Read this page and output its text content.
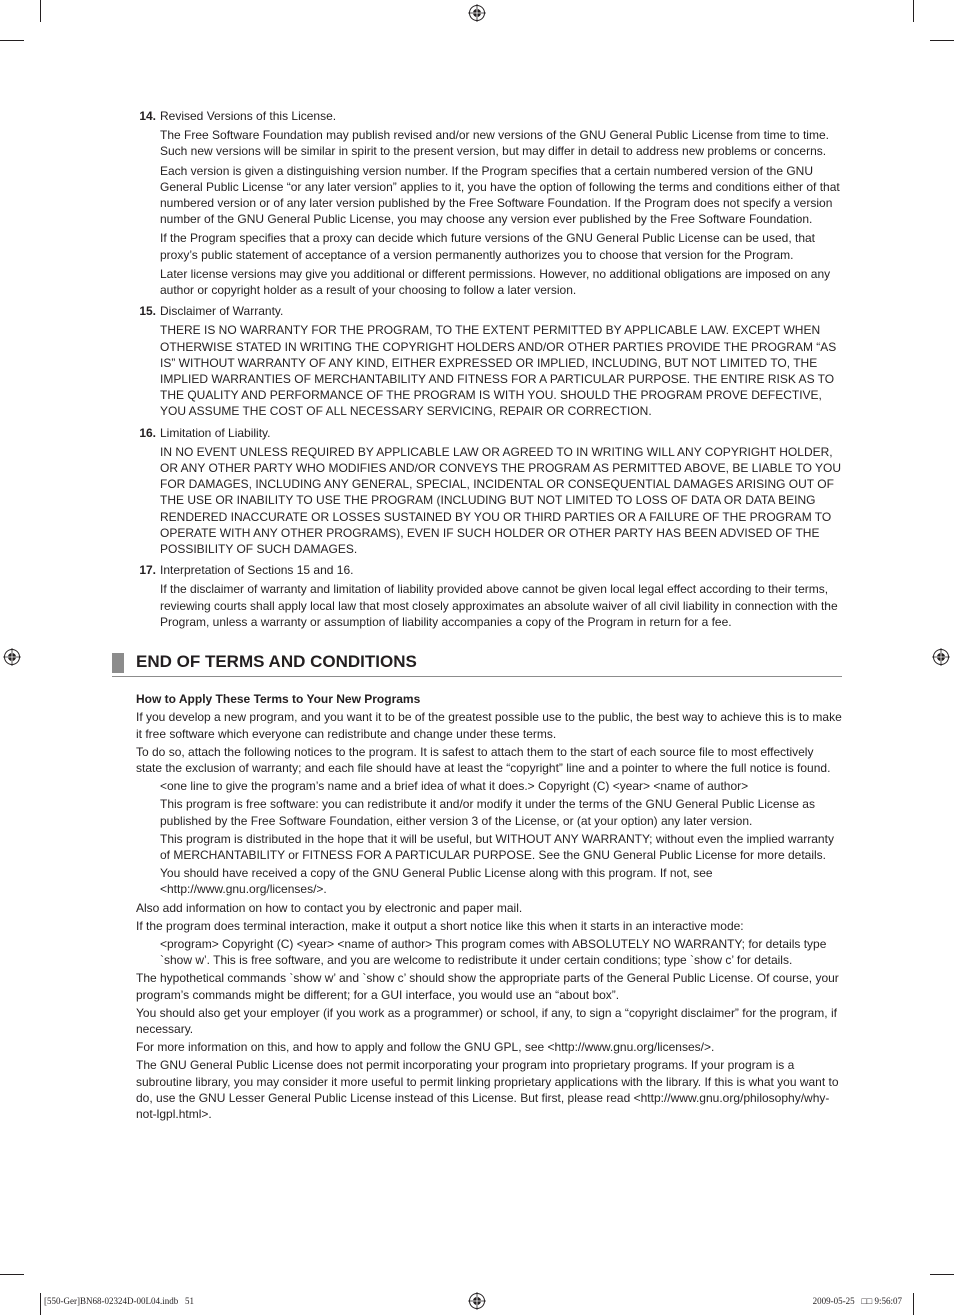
14. Revised Versions of this License.

The Free Software Foundation may publish revised and/or new versions of the GNU General Public License from time to time. Such new versions will be similar in spirit to the present version, but may differ in detail to address new problems or concerns.

Each version is given a distinguishing version number. If the Program specifies that a certain numbered version of the GNU General Public License “or any later version” applies to it, you have the option of following the terms and conditions either of that numbered version or of any later version published by the Free Software Foundation. If the Program does not specify a version number of the GNU General Public License, you may choose any version ever published by the Free Software Foundation.

If the Program specifies that a proxy can decide which future versions of the GNU General Public License can be used, that proxy’s public statement of acceptance of a version permanently authorizes you to choose that version for the Program.

Later license versions may give you additional or different permissions. However, no additional obligations are imposed on any author or copyright holder as a result of your choosing to follow a later version.

15. Disclaimer of Warranty.

THERE IS NO WARRANTY FOR THE PROGRAM, TO THE EXTENT PERMITTED BY APPLICABLE LAW. EXCEPT WHEN OTHERWISE STATED IN WRITING THE COPYRIGHT HOLDERS AND/OR OTHER PARTIES PROVIDE THE PROGRAM “AS IS” WITHOUT WARRANTY OF ANY KIND, EITHER EXPRESSED OR IMPLIED, INCLUDING, BUT NOT LIMITED TO, THE IMPLIED WARRANTIES OF MERCHANTABILITY AND FITNESS FOR A PARTICULAR PURPOSE. THE ENTIRE RISK AS TO THE QUALITY AND PERFORMANCE OF THE PROGRAM IS WITH YOU. SHOULD THE PROGRAM PROVE DEFECTIVE, YOU ASSUME THE COST OF ALL NECESSARY SERVICING, REPAIR OR CORRECTION.

16. Limitation of Liability.

IN NO EVENT UNLESS REQUIRED BY APPLICABLE LAW OR AGREED TO IN WRITING WILL ANY COPYRIGHT HOLDER, OR ANY OTHER PARTY WHO MODIFIES AND/OR CONVEYS THE PROGRAM AS PERMITTED ABOVE, BE LIABLE TO YOU FOR DAMAGES, INCLUDING ANY GENERAL, SPECIAL, INCIDENTAL OR CONSEQUENTIAL DAMAGES ARISING OUT OF THE USE OR INABILITY TO USE THE PROGRAM (INCLUDING BUT NOT LIMITED TO LOSS OF DATA OR DATA BEING RENDERED INACCURATE OR LOSSES SUSTAINED BY YOU OR THIRD PARTIES OR A FAILURE OF THE PROGRAM TO OPERATE WITH ANY OTHER PROGRAMS), EVEN IF SUCH HOLDER OR OTHER PARTY HAS BEEN ADVISED OF THE POSSIBILITY OF SUCH DAMAGES.

17. Interpretation of Sections 15 and 16.

If the disclaimer of warranty and limitation of liability provided above cannot be given local legal effect according to their terms, reviewing courts shall apply local law that most closely approximates an absolute waiver of all civil liability in connection with the Program, unless a warranty or assumption of liability accompanies a copy of the Program in return for a fee.

END OF TERMS AND CONDITIONS

How to Apply These Terms to Your New Programs

If you develop a new program, and you want it to be of the greatest possible use to the public, the best way to achieve this is to make it free software which everyone can redistribute and change under these terms.

To do so, attach the following notices to the program. It is safest to attach them to the start of each source file to most effectively state the exclusion of warranty; and each file should have at least the “copyright” line and a pointer to where the full notice is found.

<one line to give the program’s name and a brief idea of what it does.> Copyright (C) <year> <name of author>

This program is free software: you can redistribute it and/or modify it under the terms of the GNU General Public License as published by the Free Software Foundation, either version 3 of the License, or (at your option) any later version.

This program is distributed in the hope that it will be useful, but WITHOUT ANY WARRANTY; without even the implied warranty of MERCHANTABILITY or FITNESS FOR A PARTICULAR PURPOSE. See the GNU General Public License for more details.

You should have received a copy of the GNU General Public License along with this program. If not, see <http://www.gnu.org/licenses/>.

Also add information on how to contact you by electronic and paper mail.

If the program does terminal interaction, make it output a short notice like this when it starts in an interactive mode:

<program> Copyright (C) <year> <name of author> This program comes with ABSOLUTELY NO WARRANTY; for details type `show w’. This is free software, and you are welcome to redistribute it under certain conditions; type `show c’ for details.

The hypothetical commands `show w’ and `show c’ should show the appropriate parts of the General Public License. Of course, your program’s commands might be different; for a GUI interface, you would use an “about box”.

You should also get your employer (if you work as a programmer) or school, if any, to sign a “copyright disclaimer” for the program, if necessary.

For more information on this, and how to apply and follow the GNU GPL, see <http://www.gnu.org/licenses/>.

The GNU General Public License does not permit incorporating your program into proprietary programs. If your program is a subroutine library, you may consider it more useful to permit linking proprietary applications with the library. If this is what you want to do, use the GNU Lesser General Public License instead of this License. But first, please read <http://www.gnu.org/philosophy/why-not-lgpl.html>.

[550-Ger]BN68-02324D-00L04.indb   51	2009-05-25   □□ 9:56:07
